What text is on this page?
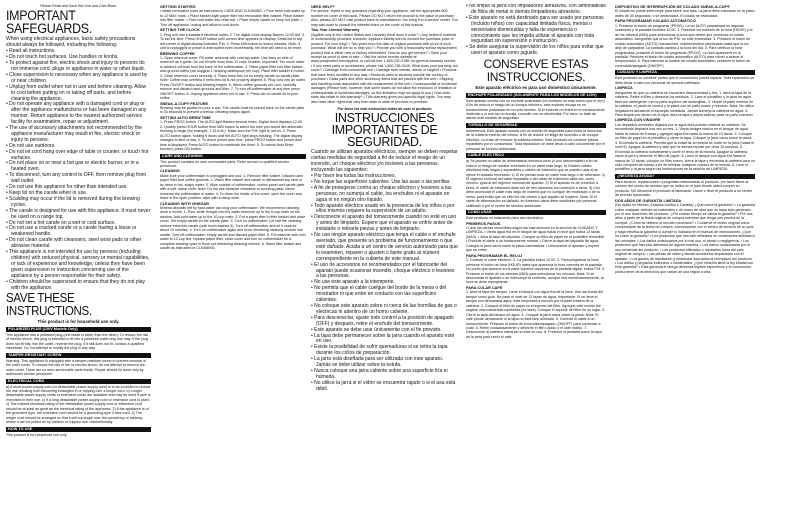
Please Read and Save this Use and Care Book.
IMPORTANT SAFEGUARDS.
When using electrical appliances, basic safety precautions should always be followed, including the following:
• Read all instructions.
• Do not touch hot surfaces. Use handles or knobs.
• To protect against fire, electric shock and injury to persons do not immerse cord, plugs or appliance in water or other liquid.
• Close supervision is necessary when any appliance is used by or near children.
• Unplug from outlet when not in use and before cleaning. Allow to cool before putting on or taking off parts, and before cleaning the appliance.
• Do not operate any appliance with a damaged cord or plug or after the appliance malfunctions or has been damaged in any manner. Return appliance to the nearest authorized service facility for examination, repair or adjustment.
• The use of accessory attachments not recommended by the appliance manufacturer may result in fire, electric shock or injury to persons.
• Do not use outdoors.
• Do not let cord hang over edge of table or counter, or touch hot surfaces.
• Do not place on or near a hot gas or electric burner, or in a heated oven.
• To disconnect, turn any control to OFF, then remove plug from wall outlet.
• Do not use this appliance for other than intended use.
• Keep lid on the carafe when in use.
• Scalding may occur if the lid is removed during the brewing cycles.
• The carafe is designed for use with this appliance. It must never be used on a range top.
• Do not set a hot carafe on a wet or cold surface.
• Do not use a cracked carafe or a carafe having a loose or weakened handle.
• Do not clean carafe with cleansers, steel wool pads or other abrasive material.
• This appliance is not intended for use by persons (including children) with reduced physical, sensory or mental capabilities, or lack of experience and knowledge, unless they have been given supervision or instruction concerning use of the appliance by a person responsible for their safety.
• Children should be supervised to ensure that they do not play with the appliance.
SAVE THESE INSTRUCTIONS.
This product is for household use only.
POLARIZED PLUG (120V Models Only)
This appliance has a polarized plug (one blade is wider than the other). To reduce the risk of electric shock, this plug is intended to fit into a polarized outlet only one way. If the plug does not fit fully into the outlet, reverse the plug. If it still does not fit, contact a qualified electrician. Do not attempt to modify the plug in any way.
TAMPER-RESISTANT SCREW
Warning: This appliance is equipped with a tamper-resistant screw to prevent removal of the outer cover. To reduce the risk of fire or electric shock, do not attempt to remove the outer cover. There are no user-serviceable parts inside. Repair should be done only by authorized service personnel.
ELECTRICAL CORD
a) A short power-supply cord (or detachable power-supply cord) is to be provided to reduce the risk resulting from becoming entangled in or tripping over a longer cord. b) Longer detachable power-supply cords or extension cords are available and may be used if care is exercised in their use. c) If a long detachable power-supply cord or extension cord is used, 1) The marked electrical rating of the detachable power-supply cord or extension cord should be at least as great as the electrical rating of the appliance, 2) If the appliance is of the grounded type, the extension cord should be a grounding-type 3-wire cord, 3) The longer cord should be arranged so that it will not drape over the countertop or tabletop where it can be pulled on by children or tripped over unintentionally.
HOW TO USE
This product is for household use only.
GETTING STARTED
• Wash removable parts as instructed in CARE AND CLEANING. • Pour fresh cold water up to 12 MAX mark. • Place basket-style paper filter into removable filter basket. Place basket into filter holder. • Pour cold water into reservoir. • Place empty carafe on keep hot plate. • Turn off appliance, unplug and allow to cool down.
SETTING THE CLOCK
1. Plug unit into a standard electrical outlet. 2. The digital clock display flashes 12:00 AM. 3. To set the time: Press HOUR button until correct time appears on display. Small dot in top left corner of digital display indicates P.M. 4. Press MIN button to select minutes. Note: If unit is unplugged or power is interrupted even momentarily, the time will need to be reset.
BREWING COFFEE
1. Open reservoir cover. Fill water reservoir with cold tap water. Use lines on side of reservoir as a guide. Do not fill with more than 12 cups of water. Important: Too much water is added it will leak from the back of the coffeemaker. 2. Place paper filter into filter basket. Add ground coffee (we suggest 1 heaping tablespoon per cup). Place filter basket in holder. 3. Close reservoir cover securely. 4. Place brew-thru lid on empty carafe on carafe plate. Note: Coffee may overflow if brew-thru lid is not properly aligned. 5. Plug cord into an outlet. Press ON/OFF button and brewing begins. 6. When coffee grounds are cool, carefully remove and discard used grounds and filter. 7. To turn off coffeemaker at any time press ON/OFF button. 8. Unplug appliance when not in use. 9. Press lab on carafe lid to pour coffee.
SNEAK-A-CUP® FEATURE
Brewing may be paused to pour a cup. The carafe must be placed back on the carafe plate in 30 seconds to prevent overflow. Brewing begins again.
SETTING AUTO BREW TIME
1. Press PROG button. The AUTO light flashes several times. Digital clock displays 12:00. 2. Quickly press HOUR button then MIN button to select the time you would like automatic brewing to begin (for example, 7:15 A.M.). Make sure the P.M. light is not on. 3. Press AUTO button again, holding it down until the AUTO light stops flashing. The digital display changes to time of day. 4. To check preset auto time, press PROG button and preset auto time is displayed. Press AUTO button to reactivate the timer. 5. To cancel Auto Brew function, press ON button.
CARE AND CLEANING
This product contains no user serviceable parts. Refer service to qualified service personnel.
CLEANING
Make sure your coffeemaker is unplugged and cool. 1. Remove filter basket. Discard used paper filter and coffee grounds. 2. Wash filter basket and carafe in dishwasher top rack or by hand in hot, soapy water. 3. Wipe outside of coffeemaker, control panel and carafe plate with a soft, damp cloth. Note: Do not use abrasive cleansers or scouring pads. Never immerse the coffeemaker in water. 4. To clean the inside of the cover, open the cover and leave in the open position; wipe with a damp cloth.
CLEANING WITH VINEGAR
Mineral deposits left by hard water can clog your coffeemaker. We recommend cleaning once a month. 1. Pour white vinegar into the water reservoir up to the 6-cup mark on the window. Add cold water up to the 10-cup mark. 2. Put a paper filter in filter basket and close cover. Set empty carafe on the carafe plate. 3. Turn on coffeemaker. Let half the cleaning mixture brew into carafe (until level reaches 5). Turn off coffeemaker and let it soak for about 15 minutes. 4. Turn on coffeemaker again and brew remaining cleaning mixture into carafe. Turn off coffeemaker; empty carafe and discard paper filter. 5. Fill reservoir with cold water to 12-cup line, replace paper filter, close cover and turn on coffeemaker for a complete brewing cycle to flush out remaining cleaning mixture. 6. Wash filter basket and carafe as instructed in CLEANING.
NEED HELP?
For service, repair or any questions regarding your appliance, call the appropriate 800 number on cover of this book. Please DO NOT return the product to the place of purchase. Also, please DO NOT mail product back to manufacturer, nor bring it to a service center. You may also want to consult the website listed on the cover of this manual.
Two-Year Limited Warranty
(Applies only in the United States and Canada) What does it cover? • Any defect in material or workmanship provided; however, Applica's liability will not exceed the purchase price of product. For how long? • Two years from the date of original purchase with proof of such purchase. What will we do to help you? • Provide you with a reasonably similar replacement product that is either new or factory refurbished. How do you get service? • Save your receipt as proof of date of sale. • Visit the online service website at www.prodprotect.com/applica, or call toll-free 1-800-231-9786, for general warranty service. • If you need parts or accessories, please call 1-800-738-0245. What does your warranty not cover? • Damage from commercial use • Damage from misuse, abuse or neglect • Products that have been modified in any way • Products used or serviced outside the country of purchase • Glass parts and other accessory items that are packed with the unit • Shipping and handling costs associated with the replacement of the unit • Consequential or incidental damages (Please note, however, that some states do not allow the exclusion or limitation of consequential or incidental damages, so this limitation may not apply to you.) How does state law relate to this warranty? • This warranty gives you specific legal rights. You may also have other rights that vary from state to state or province to province.
Por favor lea este instructivo antes de usar el producto
INSTRUCCIONES IMPORTANTES DE SEGURIDAD.
Cuando se utilizan aparatos eléctricos, siempre se deben respetar ciertas medidas de seguridad a fin de reducir el riesgo de un incendio, un choque eléctrico y/o lesiones a las personas, incluyendo las siguientes:
• Por favor lea todas las instrucciones.
• No toque las superficies calientes. Use las asas o las perillas.
• A fin de protegerse contra un choque eléctrico y lesiones a las personas, no sumerja el cable, los enchufes ni el aparato en agua ni en ningún otro líquido.
• Todo aparato eléctrico usado en la presencia de los niños o por ellos mismos requiere la supervisión de un adulto.
• Desconecte el aparato del tomacorriente cuando no esté en uso y antes de limpiarlo. Espere que el aparato se enfríe antes de instalarle o retirarle piezas y antes de limpiarlo.
• No use ningún aparato eléctrico que tenga el cable o el enchufe averiado, que presente un problema de funcionamiento o que esté dañado. Acuda a un centro de servicio autorizado para que lo examinen, reparen o ajusten o llame gratis al número correspondiente en la cubierta de este manual.
• El uso de accesorios no recomendados por el fabricante del aparato puede ocasionar incendio, choque eléctrico o lesiones a las personas.
• No use este aparato a la intemperie.
• No permita que el cable cuelgue del borde de la mesa o del mostrador ni que entre en contacto con las superficies calientes.
• No coloque este aparato sobre ni cerca de las hornillas de gas o eléctricas ni adentro de un horno caliente.
• Para desconectar, ajuste todo control a la posición de apagado (OFF) y después, retire el enchufe del tomacorriente.
• Este aparato se debe usar únicamente con el fin previsto.
• La tapa debe permanecer sobre la jarra cuando el aparato esté en uso.
• Existe la posibilidad de sufrir quemaduras si se retira la tapa durante los ciclos de preparación.
• La jarra está diseñada para ser utilizada con este aparato. Jamás se debe utilizar sobre la estufa.
• Nunca coloque una jarra caliente sobre una superficie fría ni húmeda.
• No utilice la jarra si el vidrio se encuentra rajado o si el asa está débil.
• No limpie la jarra con limpiadores abrasivos, con almohadillas de fibra de metal ni demás limpiadores abrasivos.
• Este aparato no está destinado para ser usado por personas (incluido niños) con capacidad limitada física, mental o sensoriales disminuidas y falta de experiencia o conocimiento que les impida utilizar el aparato con toda seguridad sin supervisión o instrucción.
• Se debe asegurar la supervisión de los niños para evitar que usen el aparato como juguete.
CONSERVE ESTAS INSTRUCCIONES.
Este aparato eléctrico es para uso doméstico únicamente.
ENCHUFE POLARIZADO (SOLAMENTE PARA LOS MODELOS DE 120V)
Este aparato cuenta con un enchufe polarizado (un contacto es más ancho que el otro). A fin de reducir el riesgo de un choque eléctrico, este enchufe encaja en un tomacorriente polarizado en un solo sentido. Si el enchufe no entra en el tomacorriente, inviértalo y si aun así no encaja, consulte con un electricista. Por favor no trate de alterar esta medida de seguridad.
TORNILLO DE SEGURIDAD
Advertencia: Este aparato cuenta con un tornillo de seguridad para evitar la remoción de la cubierta exterior del mismo. A fin de reducir el riesgo de incendio o de choque eléctrico, no trate de remover la cubierta exterior. Este producto no contiene piezas reparables por el consumidor. Toda reparación se debe llevar a cabo únicamente por el personal de servicio autorizado.
CABLE ELÉCTRICO
a) Se provee un cable de alimentación eléctrica corto (o uno desmontable) a fin de reducir el riesgo de resultar enredado en un cable más largo. b) Existen cables eléctricos más largos y separables o cables de extensión que se pueden usar si se ejerce el cuidado necesario. c) Si es preciso usar un cable más largo o de extensión: 1) El régimen nominal del cable separable o del cable de extensión debe ser, como mínimo, igual al del régimen nominal del aparato. 2) Si el aparato es de conexión a tierra, el cable de extensión debe ser de tres alambres con conexión a tierra. 3) Uno debe acomodar el cable más largo de manera que no cuelgue del mostrador o de la mesa, para evitar que un niño tire del mismo o que alguien se tropiece. Nota: Si el cable de alimentación es dañado, en América Latina debe sustituirse por personal calificado o por el centro de servicio autorizado.
COMO USAR
Este producto es solamente para uso doméstico.
PRIMEROS PASOS
• Lave las piezas removibles según las instrucciones en la sección de CUIDADO Y LIMPIEZA. • Vierta agua fría en el tanque de agua hasta el nivel que indica 12 tazas (MAX). • Abra la tapa del depósito. Coloque un filtro de papel en el portafiltro removible. • Enchufe el cable a un tomacorriente normal. • Cierre la tapa del depósito de agua. Coloque la jarra vacía sobre la placa calentadora. • Desconecte el aparato y espere que se enfríe.
PARA PROGRAMAR EL RELOJ
1. Conecte el cable eléctrico. 2. La pantalla indica 12:00. 3. Para programar la hora, presione el botón de hora (HOUR) hasta que aparezca la hora correcta en la pantalla. Un punto que aparece en la parte superior izquierda de la pantalla digital, indica P.M. 4. Presione el botón de los minutos (MIN) para seleccionar los minutos. Nota: Si se desconecta el aparato o se interrumpe la corriente, aunque sea momentáneamente, la hora se debe reprogramar.
PARA COLAR CAFÉ
1. Abra la tapa del tanque. Llene el tanque con agua fría de la llave. Use las líneas del tanque como guía. No pase el nivel de 12 tazas de agua. Importante: Si se llena el tanque con demasiada agua, ésta empezará a escurrir por la parte trasera de la cafetera. 2. Coloque el filtro de papel en el soporte del filtro. Agregue café molido (se sugiere una cucharada copeteada por taza). Coloque el soporte del filtro en su lugar. 3. Cierre la tapa del tanque de agua. 4. Coloque la jarra vacía sobre la placa. Nota: El café puede derramarse si la tapa no está bien alineada. 5. Conecte el cable a un tomacorriente. Presione el botón de encendido/apagado (ON/OFF) para comenzar a colar. 6. Retire cuidadosamente y deseche el filtro usado y el café molido. 7. Desconecte la cafetera mientras no esté en uso. 8. Presione la pestaña sobre la tapa de la jarra para servir el café.
DISPOSITIVO DE INTERRUPCIÓN DE COLADO SNEAK-A-CUP®
El colado se puede interrumpir para servir una taza. La jarra debe colocarse en la placa antes de 30 segundos, o se desbordará. El colado se reanudará.
PARA PROGRAMAR COLADO AUTOMÁTICO
1. Presione el botón de programar (PROG). La luz AUTO parpadeará en algunas ocasiones y la pantalla muestra 12:00. 2. Presione los botones de la hora (HOUR) y el de los minutos (MIN) para seleccionar la hora que desee que comience el colado automático. Asegúrese que la luz de P.M. no esté encendida. 3. Presione el botón de colado automático (AUTO) nuevamente, manteniéndolo presionado hasta que la luz deje de parpadear. La pantalla cambia a la hora del día. 4. Para verificar la hora programada, presione el botón de programar (PROG). La hora aparecerá en la pantalla. Presione el botón de colado automático (AUTO) para volver a activar el temporizador. 5. Para cancelar la función de colado automático, presione el botón de encendido/apagado (ON/OFF).
CUIDADO Y LIMPIEZA
Este producto no contiene partes que el consumidor pueda reparar. Toda reparación se debe llevar a cabo por personal de servicio calificado.
LIMPIEZA
Asegúrese de que su cafetera se encuentre desconectada y fría. 1. Abra la tapa de la cafetera. Retire el filtro y deseche los residuos. 2. Lave el portafiltro y la jarra en agua tibia con detergente o en la parte superior del lavavajillas. 3. Limpie la parte exterior de la cafetera, el panel de control y la placa con un paño suave y húmedo. Nota: No utilice limpiadores abrasivos ni esponjas metálicas. Jamás sumerja la cafetera en agua. 4. Para limpiar por dentro de la tapa, abra la tapa y déjela abierta; pase un paño húmedo.
LIMPIEZA CON VINAGRE
Los depósitos minerales dejados por el agua dura pueden obstruir su cafetera. Se recomienda limpiarla una vez al mes. 1. Vierta vinagre blanco en el tanque de agua hasta la marca de 6 tazas y agregue agua fría hasta la marca de 10 tazas. 2. Coloque un filtro de papel en el portafiltro y cierre la tapa. Coloque la jarra vacía sobre la placa. 3. Encienda la cafetera. Permita que la mitad de la mezcla se cuele en la jarra (hasta el nivel 5). Apague la cafetera y deje que la mezcla repose por unos 15 minutos. 4. Encienda la cafetera nuevamente y cuele el resto de la mezcla. Apague la cafetera; vacíe la jarra y deseche el filtro de papel. 5. Llene el tanque con agua fría hasta la marca de 12 tazas, coloque un filtro nuevo, cierre la tapa y encienda la cafetera para un ciclo completo de colado a fin de eliminar cualquier residuo de la mezcla. 6. Lave el portafiltro y la jarra según las instrucciones en la sección de LIMPIEZA.
¿NECESITA AYUDA?
Para servicio, reparaciones o preguntas relacionadas al producto, por favor llame al número del centro de servicio que se indica en el país donde usted compró su producto. NO devuelva el producto al fabricante. Llame o lleve el producto a un centro de servicio autorizado.
DOS AÑOS DE GARANTÍA LIMITADA
(No aplica en México, Estados Unidos o Canadá) ¿Qué cubre la garantía? • La garantía cubre cualquier defecto de materiales o de mano de obra que no haya sido generado por el uso incorrecto del producto. ¿Por cuánto tiempo es válida la garantía? • Por dos años a partir de la fecha original de compra mientras que tenga una prueba de la compra. ¿Cómo se obtiene el servicio necesario? • Conserve el recibo original como comprobante de la fecha de compra, comuníquese con el centro de servicio de su país y haga efectiva la garantía si cumple lo indicado en el manual de instrucciones. ¿Qué no cubre la garantía? • Los productos que han sido utilizados en condiciones distintas a las normales. • Los daños ocasionados por el mal uso, el abuso o negligencia. • Los productos que han sido alterados de alguna manera. • Los daños ocasionados por el uso comercial del producto. • Los productos utilizados o reparados fuera del país original de compra. • Las piezas de vidrio y demás accesorios empacados con el aparato. • Los gastos de tramitación y embarque asociados al reemplazo del producto. • Los daños y perjuicios indirectos o incidentales. ¿Qué relación tiene la ley estatal con esta garantía? • Esta garantía le otorga derechos legales específicos y el consumidor podría tener otros derechos que varían de una región a otra.
